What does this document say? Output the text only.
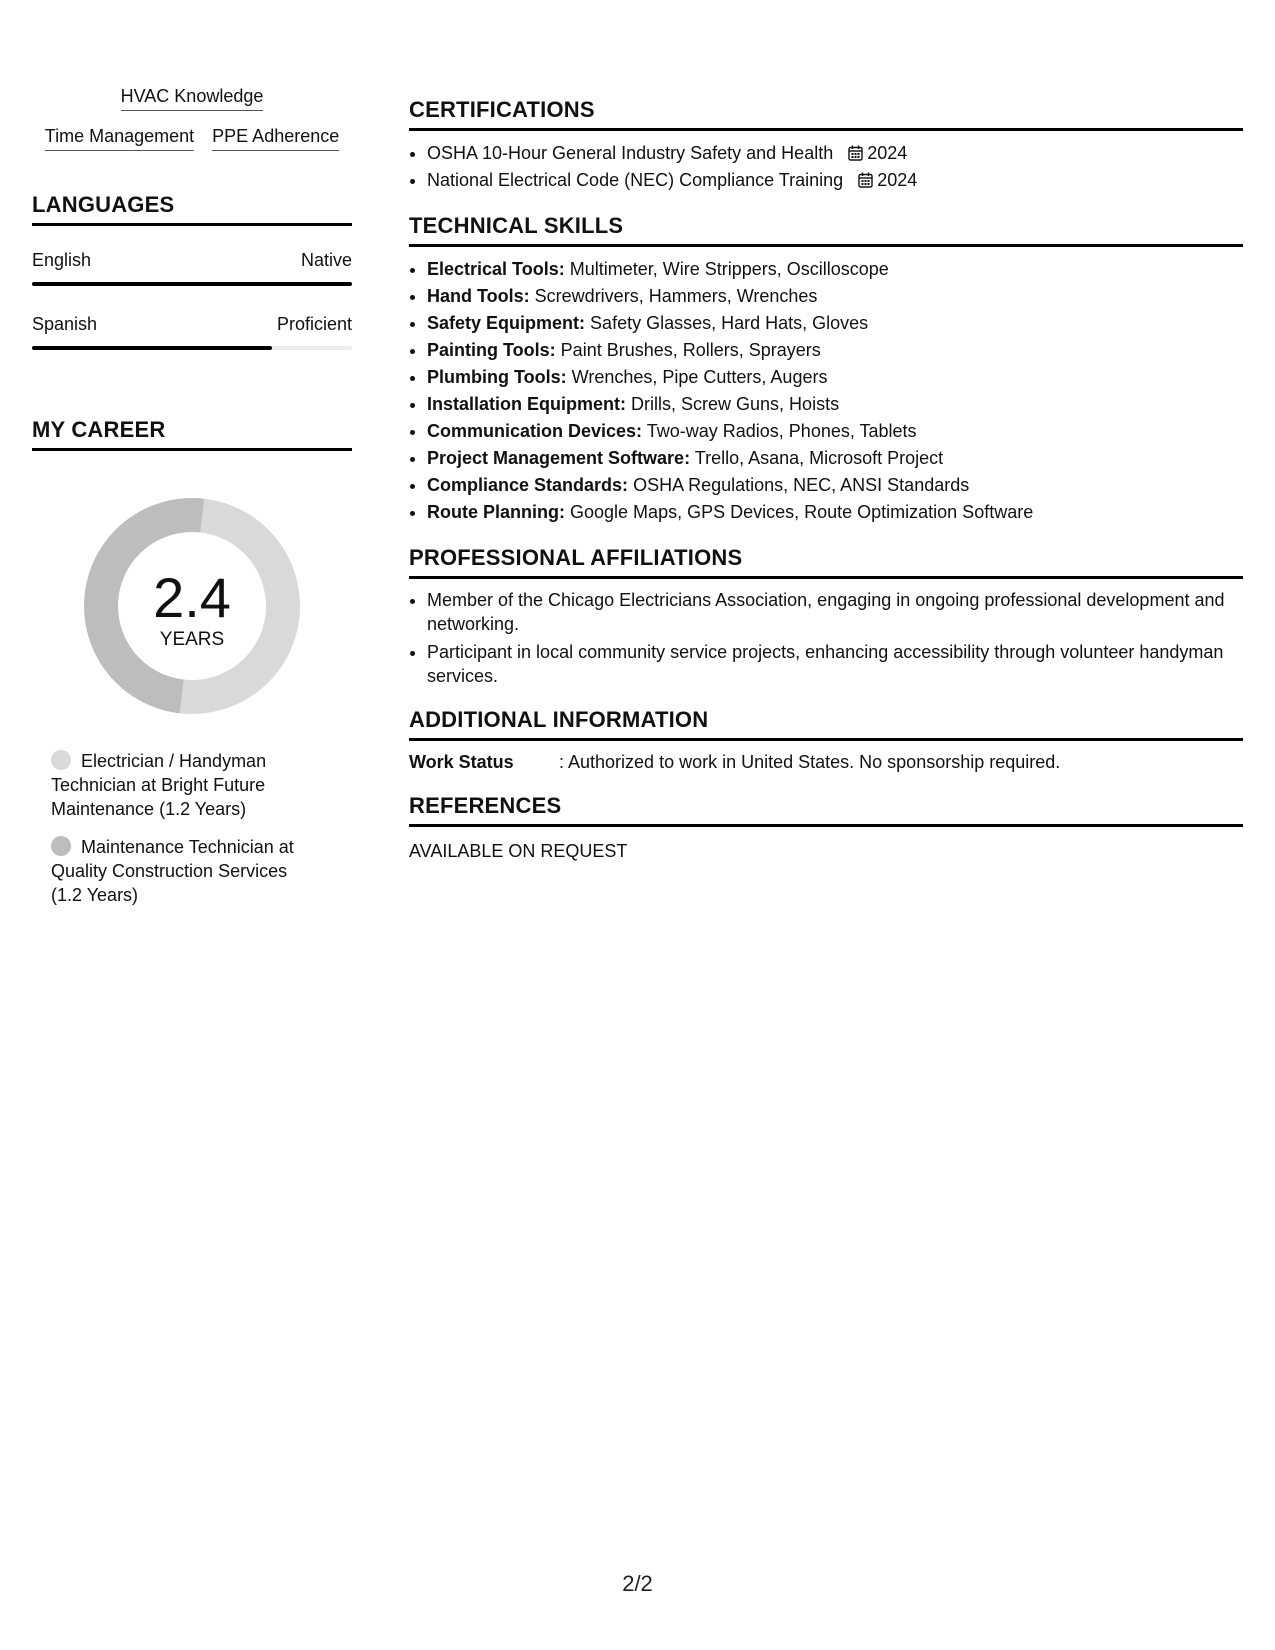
HVAC Knowledge
Time Management PPE Adherence
LANGUAGES
English	Native
Spanish	Proficient
MY CAREER
2.4
YEARS
Electrician / Handyman Technician at Bright Future Maintenance (1.2 Years)
Maintenance Technician at Quality Construction Services (1.2 Years)
CERTIFICATIONS
• OSHA 10-Hour General Industry Safety and Health 2024
• National Electrical Code (NEC) Compliance Training 2024
TECHNICAL SKILLS
• Electrical Tools: Multimeter, Wire Strippers, Oscilloscope
• Hand Tools: Screwdrivers, Hammers, Wrenches
• Safety Equipment: Safety Glasses, Hard Hats, Gloves
• Painting Tools: Paint Brushes, Rollers, Sprayers
• Plumbing Tools: Wrenches, Pipe Cutters, Augers
• Installation Equipment: Drills, Screw Guns, Hoists
• Communication Devices: Two-way Radios, Phones, Tablets
• Project Management Software: Trello, Asana, Microsoft Project
• Compliance Standards: OSHA Regulations, NEC, ANSI Standards
• Route Planning: Google Maps, GPS Devices, Route Optimization Software
PROFESSIONAL AFFILIATIONS
• Member of the Chicago Electricians Association, engaging in ongoing professional development and networking.
• Participant in local community service projects, enhancing accessibility through volunteer handyman services.
ADDITIONAL INFORMATION
Work Status	: Authorized to work in United States. No sponsorship required.
REFERENCES
AVAILABLE ON REQUEST
2/2
